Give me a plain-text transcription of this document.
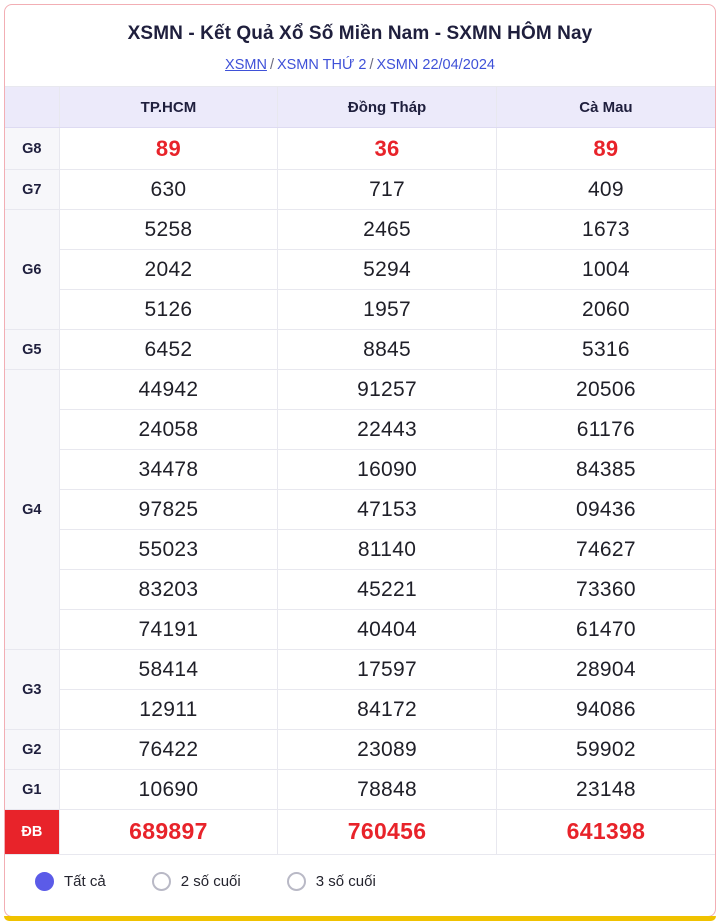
XSMN - Kết Quả Xổ Số Miền Nam - SXMN HÔM Nay
XSMN / XSMN THỨ 2 / XSMN 22/04/2024
	TP.HCM	Đồng Tháp	Cà Mau
G8	89	36	89
G7	630	717	409
G6	5258	2465	1673
	2042	5294	1004
	5126	1957	2060
G5	6452	8845	5316
G4	44942	91257	20506
	24058	22443	61176
	34478	16090	84385
	97825	47153	09436
	55023	81140	74627
	83203	45221	73360
	74191	40404	61470
G3	58414	17597	28904
	12911	84172	94086
G2	76422	23089	59902
G1	10690	78848	23148
ĐB	689897	760456	641398
Tất cả	2 số cuối	3 số cuối
